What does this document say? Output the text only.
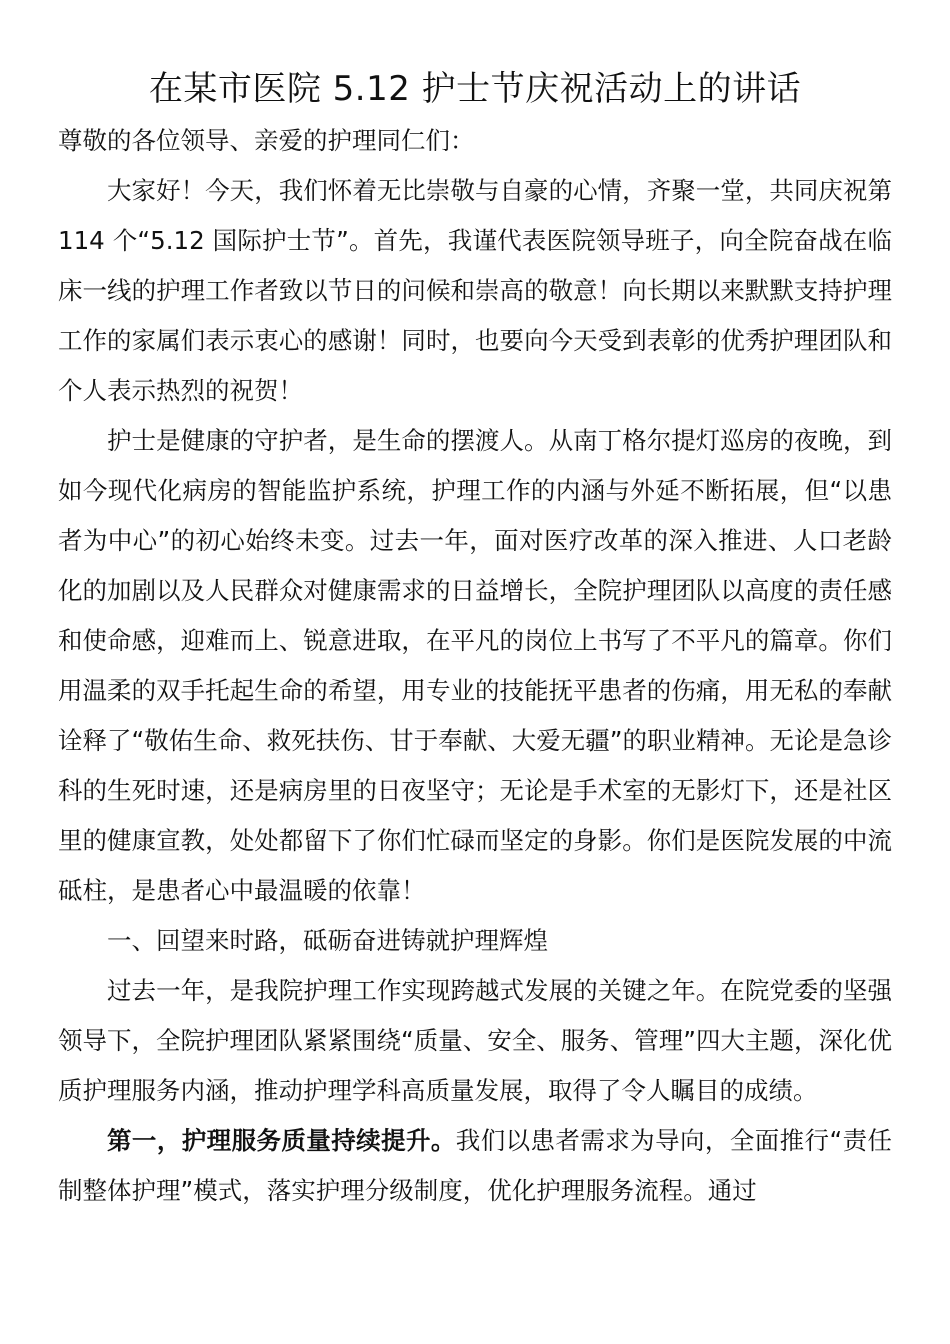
在某市医院 5.12 护士节庆祝活动上的讲话

尊敬的各位领导、亲爱的护理同仁们：

大家好！今天，我们怀着无比崇敬与自豪的心情，齐聚一堂，共同庆祝第 114 个“5.12 国际护士节”。首先，我谨代表医院领导班子，向全院奋战在临床一线的护理工作者致以节日的问候和崇高的敬意！向长期以来默默支持护理工作的家属们表示衷心的感谢！同时，也要向今天受到表彰的优秀护理团队和个人表示热烈的祝贺！

护士是健康的守护者，是生命的摆渡人。从南丁格尔提灯巡房的夜晚，到如今现代化病房的智能监护系统，护理工作的内涵与外延不断拓展，但“以患者为中心”的初心始终未变。过去一年，面对医疗改革的深入推进、人口老龄化的加剧以及人民群众对健康需求的日益增长，全院护理团队以高度的责任感和使命感，迎难而上、锐意进取，在平凡的岗位上书写了不平凡的篇章。你们用温柔的双手托起生命的希望，用专业的技能抚平患者的伤痛，用无私的奉献诠释了“敬佑生命、救死扶伤、甘于奉献、大爱无疆”的职业精神。无论是急诊科的生死时速，还是病房里的日夜坚守；无论是手术室的无影灯下，还是社区里的健康宣教，处处都留下了你们忙碌而坚定的身影。你们是医院发展的中流砥柱，是患者心中最温暖的依靠！

一、回望来时路，砥砺奋进铸就护理辉煌

过去一年，是我院护理工作实现跨越式发展的关键之年。在院党委的坚强领导下，全院护理团队紧紧围绕“质量、安全、服务、管理”四大主题，深化优质护理服务内涵，推动护理学科高质量发展，取得了令人瞩目的成绩。

第一，护理服务质量持续提升。我们以患者需求为导向，全面推行“责任制整体护理”模式，落实护理分级制度，优化护理服务流程。通过
